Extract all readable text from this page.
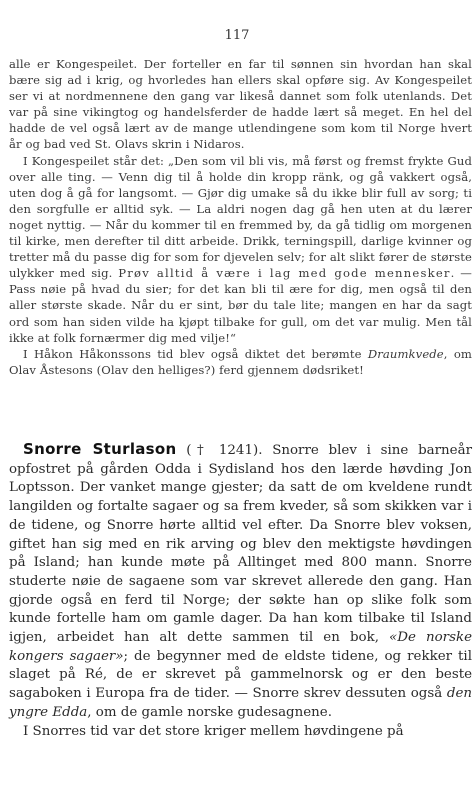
117

alle er Kongespeilet. Der forteller en far til sønnen sin hvordan han skal bære sig ad i krig, og hvorledes han ellers skal opføre sig. Av Kongespeilet ser vi at nordmennene den gang var likeså dannet som folk utenlands. Det var på sine vikingtog og handelsferder de hadde lært så meget. En hel del hadde de vel også lært av de mange utlendingene som kom til Norge hvert år og bad ved St. Olavs skrin i Nidaros.

I Kongespeilet står det: „Den som vil bli vis, må først og fremst frykte Gud over alle ting. — Venn dig til å holde din kropp ränk, og gå vakkert også, uten dog å gå for langsomt. — Gjør dig umake så du ikke blir full av sorg; ti den sorgfulle er alltid syk. — La aldri nogen dag gå hen uten at du lærer noget nyttig. — Når du kommer til en fremmed by, da gå tidlig om morgenen til kirke, men derefter til ditt arbeide. Drikk, terningspill, darlige kvinner og tretter må du passe dig for som for djevelen selv; for alt slikt fører de største ulykker med sig. Prøv alltid å være i lag med gode mennesker. — Pass nøie på hvad du sier; for det kan bli til ære for dig, men også til den aller største skade. Når du er sint, bør du tale lite; mangen en har da sagt ord som han siden vilde ha kjøpt tilbake for gull, om det var mulig. Men tål ikke at folk fornærmer dig med vilje!“

I Håkon Håkonssons tid blev også diktet det berømte Draumkvede, om Olav Åstesons (Olav den helliges?) ferd gjennem dødsriket!

Snorre Sturlason († 1241). Snorre blev i sine barneår opfostret på gården Odda i Sydisland hos den lærde høvding Jon Loptsson. Der vanket mange gjester; da satt de om kveldene rundt langilden og fortalte sagaer og sa frem kveder, så som skikken var i de tidene, og Snorre hørte alltid vel efter. Da Snorre blev voksen, giftet han sig med en rik arving og blev den mektigste høvdingen på Island; han kunde møte på Alltinget med 800 mann. Snorre studerte nøie de sagaene som var skrevet allerede den gang. Han gjorde også en ferd til Norge; der søkte han op slike folk som kunde fortelle ham om gamle dager. Da han kom tilbake til Island igjen, arbeidet han alt dette sammen til en bok, «De norske kongers sagaer»; de begynner med de eldste tidene, og rekker til slaget på Ré, de er skrevet på gammelnorsk og er den beste sagaboken i Europa fra de tider. — Snorre skrev dessuten også den yngre Edda, om de gamle norske gudesagnene.

I Snorres tid var det store kriger mellem høvdingene på
